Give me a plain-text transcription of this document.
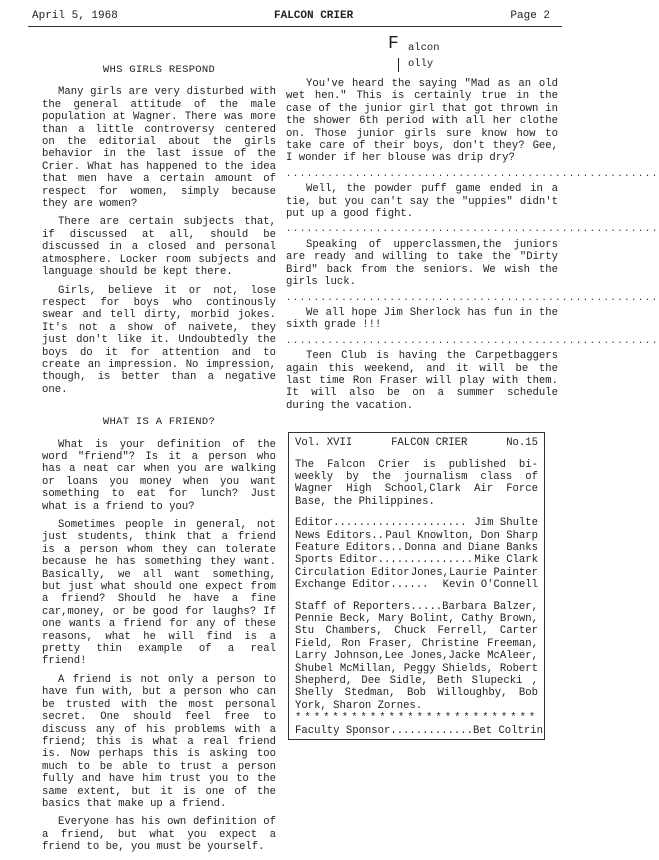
April 5, 1968	FALCON CRIER	Page 2
WHS GIRLS RESPOND

Many girls are very disturbed with the general attitude of the male population at Wagner. There was more than a little controversy centered on the editorial about the girls behavior in the last issue of the Crier. What has happened to the idea that men have a certain amount of respect for women, simply because they are women?

There are certain subjects that, if discussed at all, should be discussed in a closed and personal atmosphere. Locker room subjects and language should be kept there.

Girls, believe it or not, lose respect for boys who continously swear and tell dirty, morbid jokes. It's not a show of naivete, they just don't like it. Undoubtedly the boys do it for attention and to create an impression. No impression, though, is better than a negative one.

WHAT IS A FRIEND?

What is your definition of the word "friend"? Is it a person who has a neat car when you are walking or loans you money when you want something to eat for lunch? Just what is a friend to you?

Sometimes people in general, not just students, think that a friend is a person whom they can tolerate because he has something they want. Basically, we all want something, but just what should one expect from a friend? Should he have a fine car,money, or be good for laughs? If one wants a friend for any of these reasons, what he will find is a pretty thin example of a real friend!

A friend is not only a person to have fun with, but a person who can be trusted with the most personal secret. One should feel free to discuss any of his problems with a friend; this is what a real friend is. Now perhaps this is asking too much to be able to trust a person fully and have him trust you to the same extent, but it is one of the basics that make up a friend.

Everyone has his own definition of a friend, but what you expect a friend to be, you must be yourself.

F alcon
olly

You've heard the saying "Mad as an old wet hen." This is certainly true in the case of the junior girl that got thrown in the shower 6th period with all her clothe on. Those junior girls sure know how to take care of their boys, don't they? Gee, I wonder if her blouse was drip dry?

......................................................

Well, the powder puff game ended in a tie, but you can't say the "uppies" didn't put up a good fight.

......................................................

Speaking of upperclassmen,the juniors are ready and willing to take the "Dirty Bird" back from the seniors. We wish the girls luck.

......................................................

We all hope Jim Sherlock has fun in the sixth grade !!!

......................................................

Teen Club is having the Carpetbaggers again this weekend, and it will be the last time Ron Fraser will play with them. It will also be on a summer schedule during the vacation.

Vol. XVII	FALCON CRIER	No.15

The Falcon Crier is published bi-weekly by the journalism class of Wagner High School,Clark Air Force Base, the Philippines.

Editor..................... Jim Shulte
News Editors.. Paul Knowlton, Don Sharp
Feature Editors.. Donna and Diane Banks
Sports Editor............... Mike Clark
Circulation Editor Jones,Laurie Painter
Exchange Editor...... Kevin O'Connell

Staff of Reporters.....Barbara Balzer, Pennie Beck, Mary Bolint, Cathy Brown, Stu Chambers, Chuck Ferrell, Carter Field, Ron Fraser, Christine Freeman, Larry Johnson,Lee Jones,Jacke McAleer, Shubel McMillan, Peggy Shields, Robert Shepherd, Dee Sidle, Beth Slupecki , Shelly Stedman, Bob Willoughby, Bob York, Sharon Zornes.

**************************
Faculty Sponsor............. Bet Coltrin
